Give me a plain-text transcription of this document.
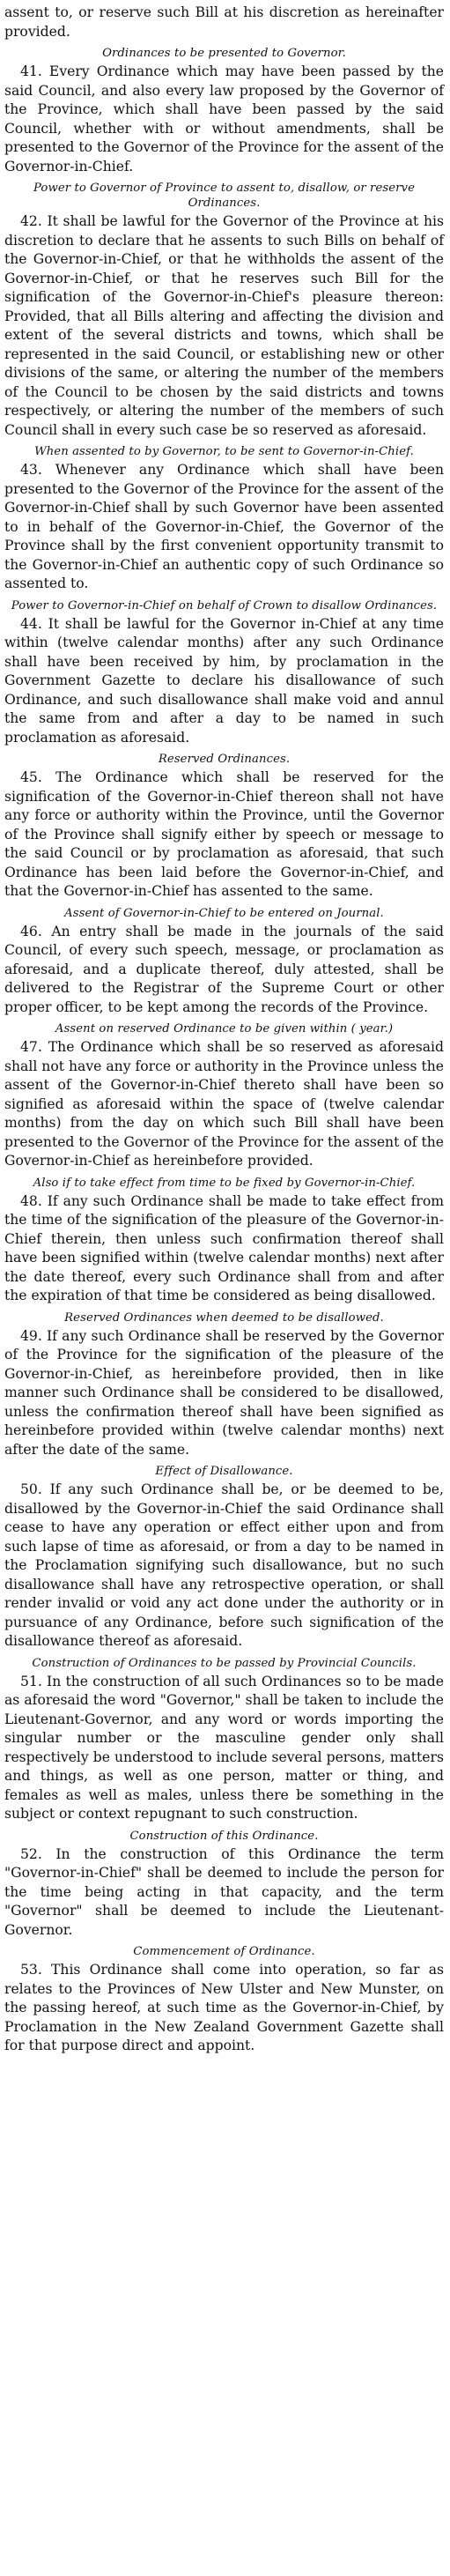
assent to, or reserve such Bill at his discretion as hereinafter provided.

Ordinances to be presented to Governor.

41. Every Ordinance which may have been passed by the said Council, and also every law proposed by the Governor of the Province, which shall have been passed by the said Council, whether with or without amendments, shall be presented to the Governor of the Province for the assent of the Governor-in-Chief.

Power to Governor of Province to assent to, disallow, or reserve Ordinances.

42. It shall be lawful for the Governor of the Province at his discretion to declare that he assents to such Bills on behalf of the Governor-in-Chief, or that he withholds the assent of the Governor-in-Chief, or that he reserves such Bill for the signification of the Governor-in-Chief's pleasure thereon: Provided, that all Bills altering and affecting the division and extent of the several districts and towns, which shall be represented in the said Council, or establishing new or other divisions of the same, or altering the number of the members of the Council to be chosen by the said districts and towns respectively, or altering the number of the members of such Council shall in every such case be so reserved as aforesaid.

When assented to by Governor, to be sent to Governor-in-Chief.

43. Whenever any Ordinance which shall have been presented to the Governor of the Province for the assent of the Governor-in-Chief shall by such Governor have been assented to in behalf of the Governor-in-Chief, the Governor of the Province shall by the first convenient opportunity transmit to the Governor-in-Chief an authentic copy of such Ordinance so assented to.

Power to Governor-in-Chief on behalf of Crown to disallow Ordinances.

44. It shall be lawful for the Governor in-Chief at any time within (twelve calendar months) after any such Ordinance shall have been received by him, by proclamation in the Government Gazette to declare his disallowance of such Ordinance, and such disallowance shall make void and annul the same from and after a day to be named in such proclamation as aforesaid.

Reserved Ordinances.

45. The Ordinance which shall be reserved for the signification of the Governor-in-Chief thereon shall not have any force or authority within the Province, until the Governor of the Province shall signify either by speech or message to the said Council or by proclamation as aforesaid, that such Ordinance has been laid before the Governor-in-Chief, and that the Governor-in-Chief has assented to the same.

Assent of Governor-in-Chief to be entered on Journal.

46. An entry shall be made in the journals of the said Council, of every such speech, message, or proclamation as aforesaid, and a duplicate thereof, duly attested, shall be delivered to the Registrar of the Supreme Court or other proper officer, to be kept among the records of the Province.

Assent on reserved Ordinance to be given within ( year.)

47. The Ordinance which shall be so reserved as aforesaid shall not have any force or authority in the Province unless the assent of the Governor-in-Chief thereto shall have been so signified as aforesaid within the space of (twelve calendar months) from the day on which such Bill shall have been presented to the Governor of the Province for the assent of the Governor-in-Chief as hereinbefore provided.

Also if to take effect from time to be fixed by Governor-in-Chief.

48. If any such Ordinance shall be made to take effect from the time of the signification of the pleasure of the Governor-in-Chief therein, then unless such confirmation thereof shall have been signified within (twelve calendar months) next after the date thereof, every such Ordinance shall from and after the expiration of that time be considered as being disallowed.

Reserved Ordinances when deemed to be disallowed.

49. If any such Ordinance shall be reserved by the Governor of the Province for the signification of the pleasure of the Governor-in-Chief, as hereinbefore provided, then in like manner such Ordinance shall be considered to be disallowed, unless the confirmation thereof shall have been signified as hereinbefore provided within (twelve calendar months) next after the date of the same.

Effect of Disallowance.

50. If any such Ordinance shall be, or be deemed to be, disallowed by the Governor-in-Chief the said Ordinance shall cease to have any operation or effect either upon and from such lapse of time as aforesaid, or from a day to be named in the Proclamation signifying such disallowance, but no such disallowance shall have any retrospective operation, or shall render invalid or void any act done under the authority or in pursuance of any Ordinance, before such signification of the disallowance thereof as aforesaid.

Construction of Ordinances to be passed by Provincial Councils.

51. In the construction of all such Ordinances so to be made as aforesaid the word "Governor," shall be taken to include the Lieutenant-Governor, and any word or words importing the singular number or the masculine gender only shall respectively be understood to include several persons, matters and things, as well as one person, matter or thing, and females as well as males, unless there be something in the subject or context repugnant to such construction.

Construction of this Ordinance.

52. In the construction of this Ordinance the term "Governor-in-Chief" shall be deemed to include the person for the time being acting in that capacity, and the term "Governor" shall be deemed to include the Lieutenant-Governor.

Commencement of Ordinance.

53. This Ordinance shall come into operation, so far as relates to the Provinces of New Ulster and New Munster, on the passing hereof, at such time as the Governor-in-Chief, by Proclamation in the New Zealand Government Gazette shall for that purpose direct and appoint.
